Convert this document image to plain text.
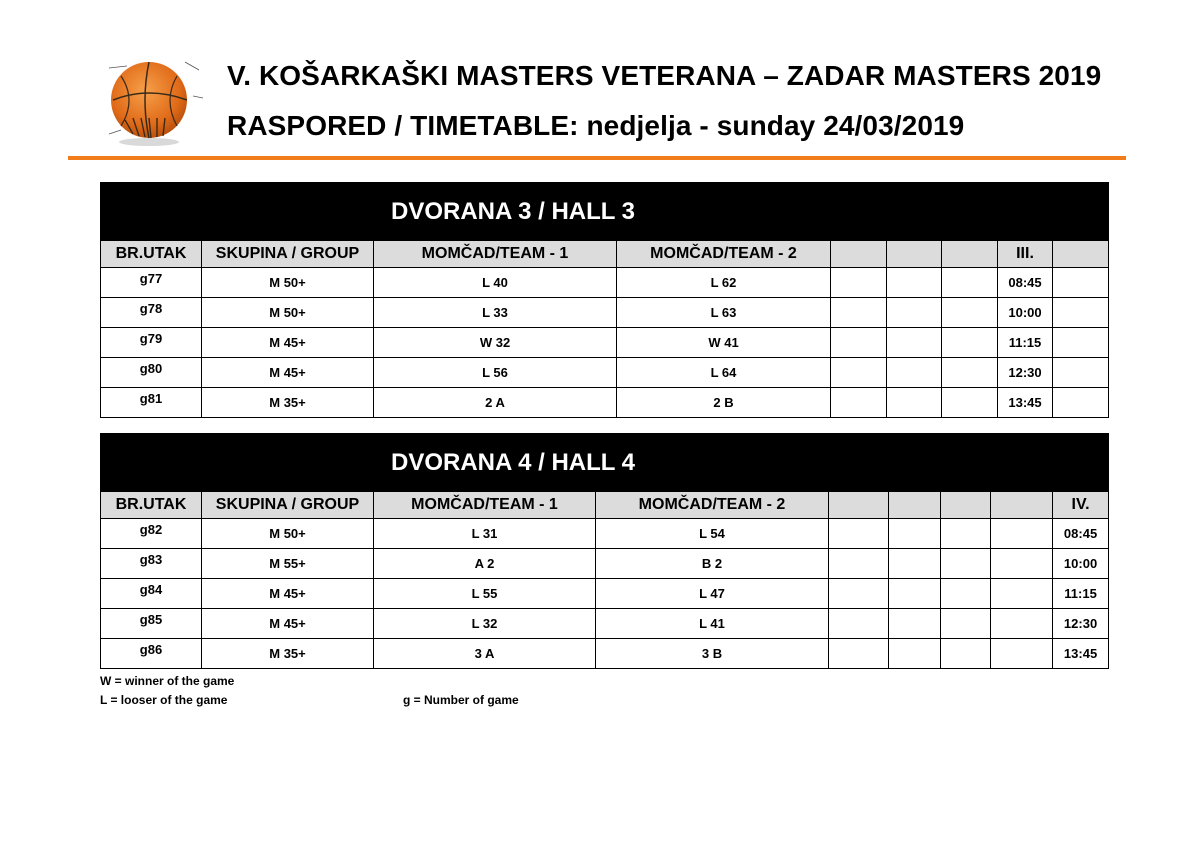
V. KOŠARKAŠKI MASTERS VETERANA – ZADAR MASTERS 2019
RASPORED / TIMETABLE: nedjelja - sunday 24/03/2019
DVORANA 3 / HALL 3								
BR.UTAK	SKUPINA / GROUP	MOMČAD/TEAM - 1	MOMČAD/TEAM - 2				III.	
g77	M 50+	L 40	L 62				08:45	
g78	M 50+	L 33	L 63				10:00	
g79	M 45+	W 32	W 41				11:15	
g80	M 45+	L 56	L 64				12:30	
g81	M 35+	2 A	2 B				13:45	
DVORANA 4 / HALL 4								
BR.UTAK	SKUPINA / GROUP	MOMČAD/TEAM - 1	MOMČAD/TEAM - 2					IV.
g82	M 50+	L 31	L 54					08:45
g83	M 55+	A 2	B 2					10:00
g84	M 45+	L 55	L 47					11:15
g85	M 45+	L 32	L 41					12:30
g86	M 35+	3 A	3 B					13:45
W = winner of the game
L = looser of the game	g = Number of game
